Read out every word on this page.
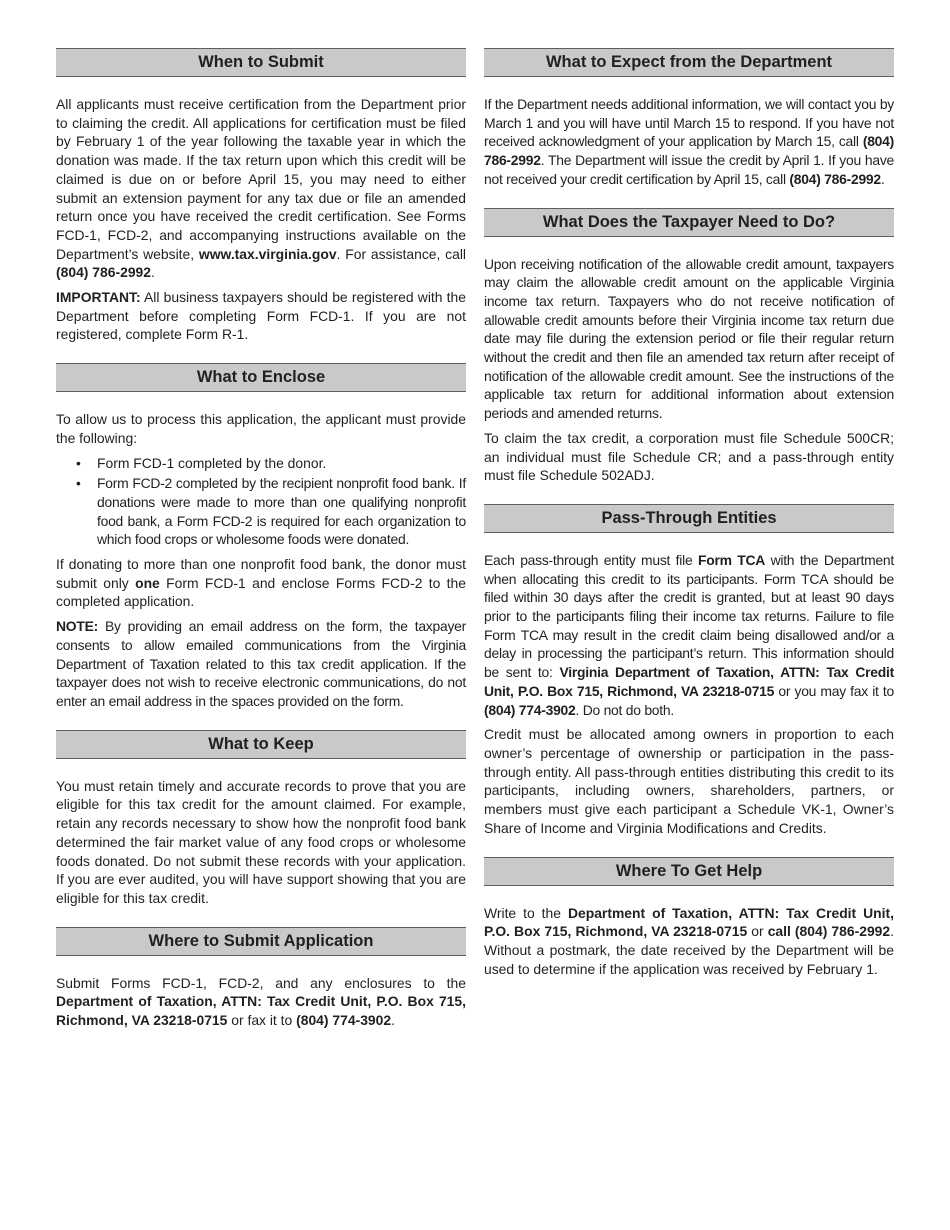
When to Submit

All applicants must receive certification from the Department prior to claiming the credit. All applications for certification must be filed by February 1 of the year following the taxable year in which the donation was made. If the tax return upon which this credit will be claimed is due on or before April 15, you may need to either submit an extension payment for any tax due or file an amended return once you have received the credit certification. See Forms FCD-1, FCD-2, and accompanying instructions available on the Department’s website, www.tax.virginia.gov. For assistance, call (804) 786-2992.

IMPORTANT: All business taxpayers should be registered with the Department before completing Form FCD-1. If you are not registered, complete Form R-1.

What to Enclose

To allow us to process this application, the applicant must provide the following:

• Form FCD-1 completed by the donor.
• Form FCD-2 completed by the recipient nonprofit food bank. If donations were made to more than one qualifying nonprofit food bank, a Form FCD-2 is required for each organization to which food crops or wholesome foods were donated.

If donating to more than one nonprofit food bank, the donor must submit only one Form FCD-1 and enclose Forms FCD-2 to the completed application.

NOTE: By providing an email address on the form, the taxpayer consents to allow emailed communications from the Virginia Department of Taxation related to this tax credit application. If the taxpayer does not wish to receive electronic communications, do not enter an email address in the spaces provided on the form.

What to Keep

You must retain timely and accurate records to prove that you are eligible for this tax credit for the amount claimed. For example, retain any records necessary to show how the nonprofit food bank determined the fair market value of any food crops or wholesome foods donated. Do not submit these records with your application. If you are ever audited, you will have support showing that you are eligible for this tax credit.

Where to Submit Application

Submit Forms FCD-1, FCD-2, and any enclosures to the Department of Taxation, ATTN: Tax Credit Unit, P.O. Box 715, Richmond, VA 23218-0715 or fax it to (804) 774-3902.

What to Expect from the Department

If the Department needs additional information, we will contact you by March 1 and you will have until March 15 to respond. If you have not received acknowledgment of your application by March 15, call (804) 786-2992. The Department will issue the credit by April 1. If you have not received your credit certification by April 15, call (804) 786-2992.

What Does the Taxpayer Need to Do?

Upon receiving notification of the allowable credit amount, taxpayers may claim the allowable credit amount on the applicable Virginia income tax return. Taxpayers who do not receive notification of allowable credit amounts before their Virginia income tax return due date may file during the extension period or file their regular return without the credit and then file an amended tax return after receipt of notification of the allowable credit amount. See the instructions of the applicable tax return for additional information about extension periods and amended returns.

To claim the tax credit, a corporation must file Schedule 500CR; an individual must file Schedule CR; and a pass-through entity must file Schedule 502ADJ.

Pass-Through Entities

Each pass-through entity must file Form TCA with the Department when allocating this credit to its participants. Form TCA should be filed within 30 days after the credit is granted, but at least 90 days prior to the participants filing their income tax returns. Failure to file Form TCA may result in the credit claim being disallowed and/or a delay in processing the participant’s return. This information should be sent to: Virginia Department of Taxation, ATTN: Tax Credit Unit, P.O. Box 715, Richmond, VA 23218-0715 or you may fax it to (804) 774-3902. Do not do both.

Credit must be allocated among owners in proportion to each owner’s percentage of ownership or participation in the pass-through entity. All pass-through entities distributing this credit to its participants, including owners, shareholders, partners, or members must give each participant a Schedule VK-1, Owner’s Share of Income and Virginia Modifications and Credits.

Where To Get Help

Write to the Department of Taxation, ATTN: Tax Credit Unit, P.O. Box 715, Richmond, VA 23218-0715 or call (804) 786-2992. Without a postmark, the date received by the Department will be used to determine if the application was received by February 1.
